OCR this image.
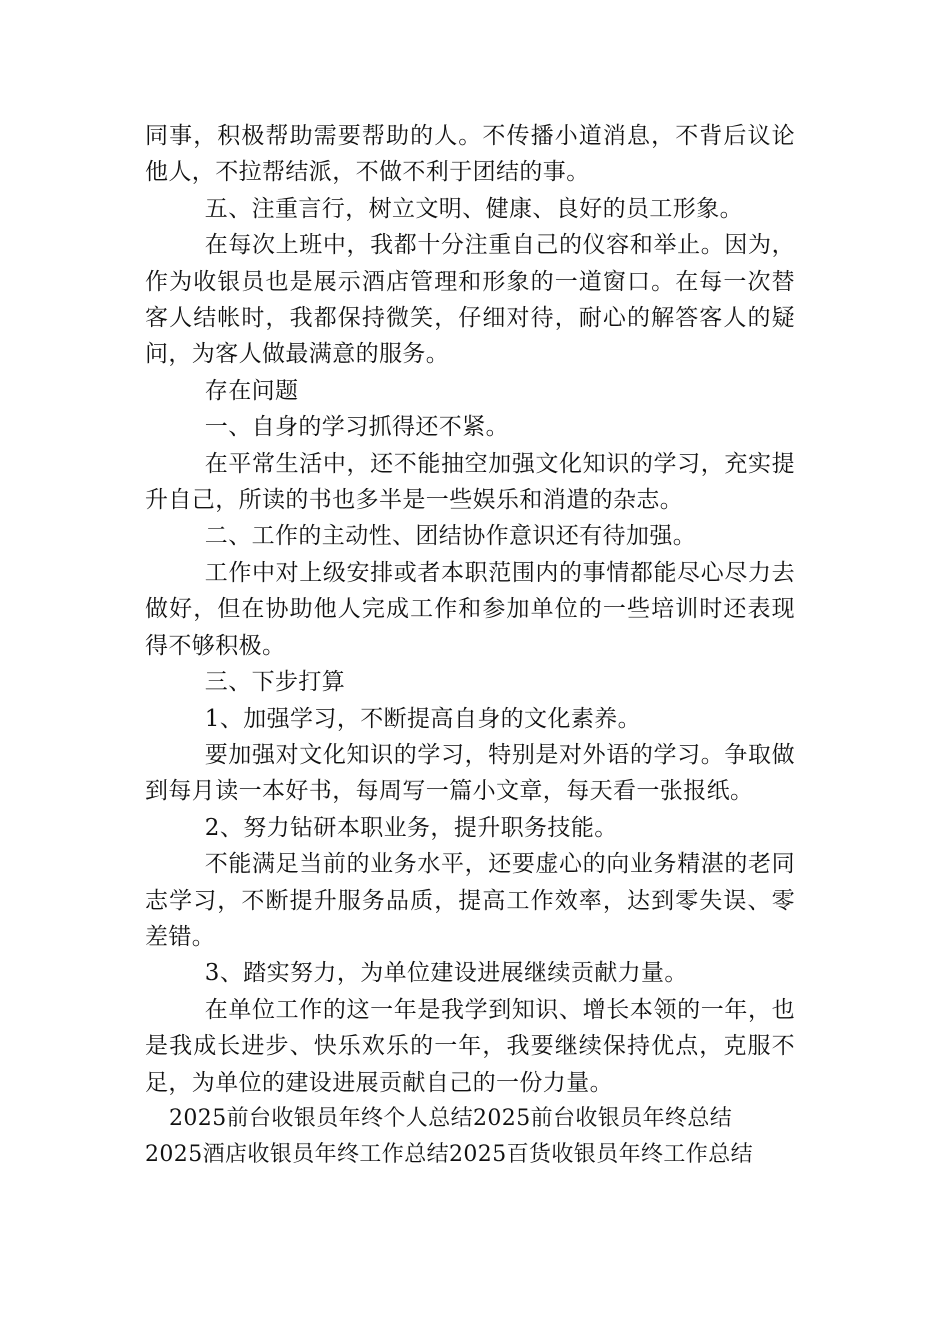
同事，积极帮助需要帮助的人。不传播小道消息，不背后议论他人，不拉帮结派，不做不利于团结的事。

五、注重言行，树立文明、健康、良好的员工形象。

在每次上班中，我都十分注重自己的仪容和举止。因为，作为收银员也是展示酒店管理和形象的一道窗口。在每一次替客人结帐时，我都保持微笑，仔细对待，耐心的解答客人的疑问，为客人做最满意的服务。

存在问题

一、自身的学习抓得还不紧。

在平常生活中，还不能抽空加强文化知识的学习，充实提升自己，所读的书也多半是一些娱乐和消遣的杂志。

二、工作的主动性、团结协作意识还有待加强。

工作中对上级安排或者本职范围内的事情都能尽心尽力去做好，但在协助他人完成工作和参加单位的一些培训时还表现得不够积极。

三、下步打算

1、加强学习，不断提高自身的文化素养。

要加强对文化知识的学习，特别是对外语的学习。争取做到每月读一本好书，每周写一篇小文章，每天看一张报纸。

2、努力钻研本职业务，提升职务技能。

不能满足当前的业务水平，还要虚心的向业务精湛的老同志学习，不断提升服务品质，提高工作效率，达到零失误、零差错。

3、踏实努力，为单位建设进展继续贡献力量。

在单位工作的这一年是我学到知识、增长本领的一年，也是我成长进步、快乐欢乐的一年，我要继续保持优点，克服不足，为单位的建设进展贡献自己的一份力量。

2025前台收银员年终个人总结2025前台收银员年终总结
2025酒店收银员年终工作总结2025百货收银员年终工作总结
